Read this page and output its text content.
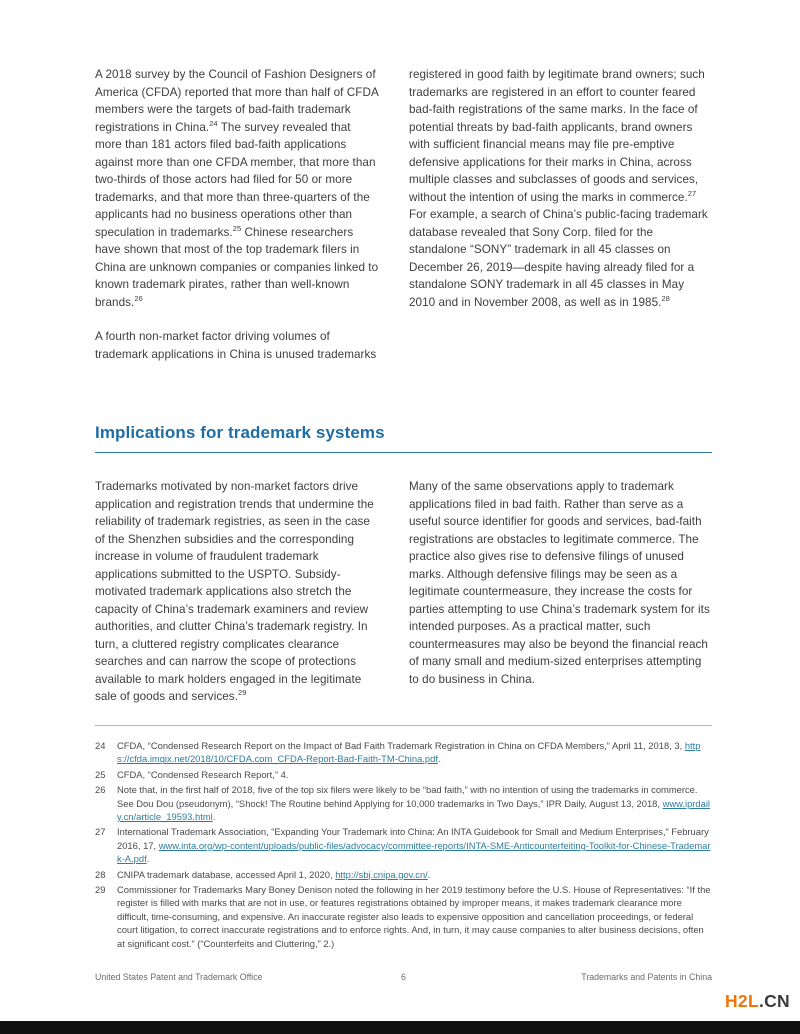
A 2018 survey by the Council of Fashion Designers of America (CFDA) reported that more than half of CFDA members were the targets of bad-faith trademark registrations in China.$^{24}$ The survey revealed that more than 181 actors filed bad-faith applications against more than one CFDA member, that more than two-thirds of those actors had filed for 50 or more trademarks, and that more than three-quarters of the applicants had no business operations other than speculation in trademarks.$^{25}$ Chinese researchers have shown that most of the top trademark filers in China are unknown companies or companies linked to known trademark pirates, rather than well-known brands.$^{26}$

A fourth non-market factor driving volumes of trademark applications in China is unused trademarks

registered in good faith by legitimate brand owners; such trademarks are registered in an effort to counter feared bad-faith registrations of the same marks. In the face of potential threats by bad-faith applicants, brand owners with sufficient financial means may file pre-emptive defensive applications for their marks in China, across multiple classes and subclasses of goods and services, without the intention of using the marks in commerce.$^{27}$ For example, a search of China’s public-facing trademark database revealed that Sony Corp. filed for the standalone “SONY” trademark in all 45 classes on December 26, 2019—despite having already filed for a standalone SONY trademark in all 45 classes in May 2010 and in November 2008, as well as in 1985.28

Implications for trademark systems

Trademarks motivated by non-market factors drive application and registration trends that undermine the reliability of trademark registries, as seen in the case of the Shenzhen subsidies and the corresponding increase in volume of fraudulent trademark applications submitted to the USPTO. Subsidy-motivated trademark applications also stretch the capacity of China’s trademark examiners and review authorities, and clutter China’s trademark registry. In turn, a cluttered registry complicates clearance searches and can narrow the scope of protections available to mark holders engaged in the legitimate sale of goods and services.$^{29}$

Many of the same observations apply to trademark applications filed in bad faith. Rather than serve as a useful source identifier for goods and services, bad-faith registrations are obstacles to legitimate commerce. The practice also gives rise to defensive filings of unused marks. Although defensive filings may be seen as a legitimate countermeasure, they increase the costs for parties attempting to use China’s trademark system for its intended purposes. As a practical matter, such countermeasures may also be beyond the financial reach of many small and medium-sized enterprises attempting to do business in China.

24	CFDA, “Condensed Research Report on the Impact of Bad Faith Trademark Registration in China on CFDA Members,” April 11, 2018, 3, https://cfda.imgix.net/2018/10/CFDA.com_CFDA-Report-Bad-Faith-TM-China.pdf.
25	CFDA, “Condensed Research Report,” 4.
26	Note that, in the first half of 2018, five of the top six filers were likely to be “bad faith,” with no intention of using the trademarks in commerce. See Dou Dou (pseudonym), “Shock! The Routine behind Applying for 10,000 trademarks in Two Days,” IPR Daily, August 13, 2018, www.iprdaily.cn/article_19593.html.
27	International Trademark Association, “Expanding Your Trademark into China: An INTA Guidebook for Small and Medium Enterprises,” February 2016, 17, www.inta.org/wp-content/uploads/public-files/advocacy/committee-reports/INTA-SME-Anticounterfeiting-Toolkit-for-Chinese-Trademark-A.pdf.
28	CNIPA trademark database, accessed April 1, 2020, http://sbj.cnipa.gov.cn/.
29	Commissioner for Trademarks Mary Boney Denison noted the following in her 2019 testimony before the U.S. House of Representatives: “If the register is filled with marks that are not in use, or features registrations obtained by improper means, it makes trademark clearance more difficult, time-consuming, and expensive. An inaccurate register also leads to expensive opposition and cancellation proceedings, or federal court litigation, to correct inaccurate registrations and to enforce rights. And, in turn, it may cause companies to alter business decisions, often at significant cost.” (“Counterfeits and Cluttering,” 2.)
United States Patent and Trademark Office	6	Trademarks and Patents in China
H2L.CN
